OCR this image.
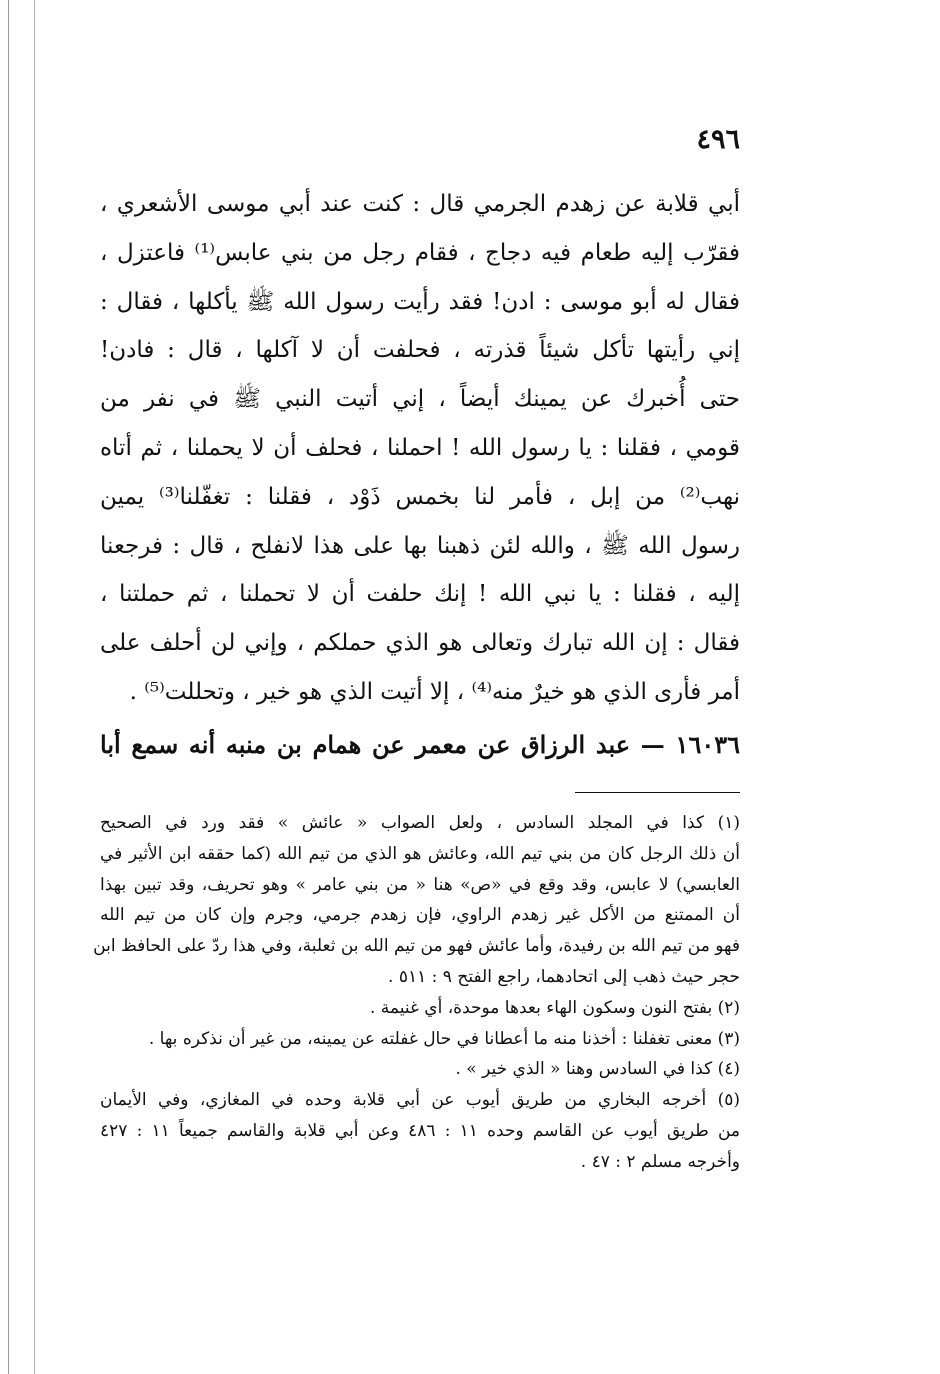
٤٩٦
أبي قلابة عن زهدم الجرمي قال : كنت عند أبي موسى الأشعري ،
فقرّب إليه طعام فيه دجاج ، فقام رجل من بني عابس⁽¹⁾ فاعتزل ،
فقال له أبو موسى : ادن! فقد رأيت رسول الله ﷺ يأكلها ، فقال :
إني رأيتها تأكل شيئاً قذرته ، فحلفت أن لا آكلها ، قال : فادن!
حتى أُخبرك عن يمينك أيضاً ، إني أتيت النبي ﷺ في نفر من
قومي ، فقلنا : يا رسول الله ! احملنا ، فحلف أن لا يحملنا ، ثم أتاه
نهب⁽²⁾ من إبل ، فأمر لنا بخمس ذَوْد ، فقلنا : تغفّلنا⁽³⁾ يمين
رسول الله ﷺ ، والله لئن ذهبنا بها على هذا لانفلح ، قال : فرجعنا
إليه ، فقلنا : يا نبي الله ! إنك حلفت أن لا تحملنا ، ثم حملتنا ،
فقال : إن الله تبارك وتعالى هو الذي حملكم ، وإني لن أحلف على
أمر فأرى الذي هو خيرٌ منه⁽⁴⁾ ، إلا أتيت الذي هو خير ، وتحللت⁽⁵⁾ .
١٦٠٣٦ — عبد الرزاق عن معمر عن همام بن منبه أنه سمع أبا
(١) كذا في المجلد السادس ، ولعل الصواب « عائش » فقد ورد في الصحيح
أن ذلك الرجل كان من بني تيم الله، وعائش هو الذي من تيم الله (كما حققه ابن الأثير في
العابسي) لا عابس، وقد وقع في «ص» هنا « من بني عامر » وهو تحريف، وقد تبين بهذا
أن الممتنع من الأكل غير زهدم الراوي، فإن زهدم جرمي، وجرم وإن كان من تيم الله
فهو من تيم الله بن رفيدة، وأما عائش فهو من تيم الله بن ثعلبة، وفي هذا ردّ على الحافظ ابن
حجر حيث ذهب إلى اتحادهما، راجع الفتح ٩ : ٥١١ .
(٢) بفتح النون وسكون الهاء بعدها موحدة، أي غنيمة .
(٣) معنى تغفلنا : أخذنا منه ما أعطانا في حال غفلته عن يمينه، من غير أن نذكره بها .
(٤) كذا في السادس وهنا « الذي خير » .
(٥) أخرجه البخاري من طريق أيوب عن أبي قلابة وحده في المغازي، وفي الأيمان
من طريق أيوب عن القاسم وحده ١١ : ٤٨٦ وعن أبي قلابة والقاسم جميعاً ١١ : ٤٢٧
وأخرجه مسلم ٢ : ٤٧ .
